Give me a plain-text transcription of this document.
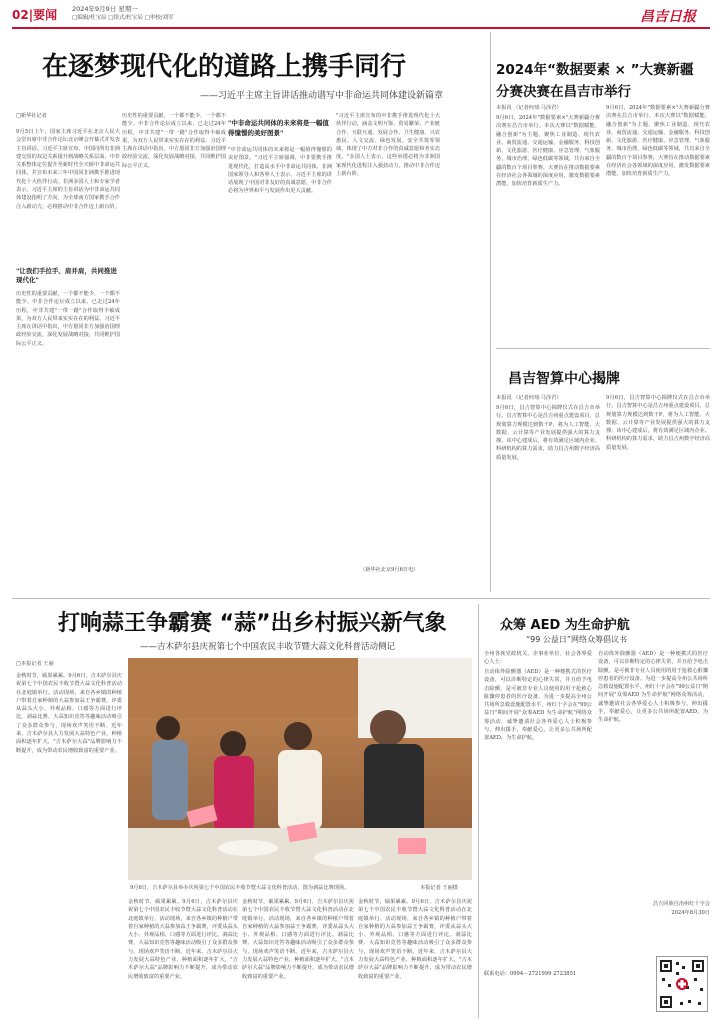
02|要闻 2024年9月9日 星期一
□编辑/杜宝辰 □组式/杜宝辰 □审校/刘军	昌吉日报
在逐梦现代化的道路上携手同行
——习近平主席主旨讲话推动谱写中非命运共同体建设新篇章
□新华社记者
9月5日上午，国家主席习近平在北京人民大会堂出席中非合作论坛北京峰会开幕式并发表主旨讲话。习近平主席宣布，中国同所有非洲建交国的双边关系提升到战略关系层面，中非关系整体定位提升至新时代全天候中非命运共同体，并宣布未来三年中国同非洲携手推进现代化十大伙伴行动。非洲多国人士和专家学者表示，习近平主席的主旨讲话为中非命运共同体建设指明了方向，为全球南方国家携手合作注入新动力，必将推动中非合作迈上新台阶。
"让我们手拉手、肩并肩，共同推进现代化"
历史性的重要贡献，一个都不能少，一个都不能少。中非合作论坛成立以来，已走过24年历程，中非共建"一带一路"合作取得丰硕成果，为双方人民带来实实在在的利益。习近平主席在讲话中指出，中方愿同非方加强治国理政经验交流，深化发展战略对接，共同维护国际公平正义。
历史性的重要贡献，一个都不能少，一个都不能少。中非合作论坛成立以来，已走过24年历程，中非共建"一带一路"合作取得丰硕成果，为双方人民带来实实在在的利益。习近平主席在讲话中指出，中方愿同非方加强治国理政经验交流，深化发展战略对接，共同维护国际公平正义。
"中非命运共同体的未来将是一幅值得憧憬的美好图景"
"中非命运共同体的未来将是一幅值得憧憬的美好图景。"习近平主席强调，中非要携手推进现代化，打造高水平中非命运共同体。非洲国家领导人和各界人士表示，习近平主席的讲话展现了中国对非友好的真诚意愿，中非合作必将为世界和平与发展作出更大贡献。
"习近平主席宣布的中非携手推进现代化十大伙伴行动，涵盖文明互鉴、贸易繁荣、产业链合作、互联互通、发展合作、卫生健康、兴农惠民、人文交流、绿色发展、安全共筑等领域，体现了中方对非合作的真诚意愿和务实态度。"多国人士表示，这些举措必将为非洲国家现代化进程注入强劲动力，推动中非合作迈上新台阶。
（新华社北京9月6日电）
2024年“数据要素 × ”大赛新疆
分赛决赛在昌吉市举行
本报讯 （记者何琦·马泽君）
9月6日，2024年"数据要素×"大赛新疆分赛决赛在昌吉市举行。本次大赛以"数据赋能、融合创新"为主题，聚焦工业制造、现代农业、商贸流通、交通运输、金融服务、科技创新、文化旅游、医疗健康、应急管理、气象服务、城市治理、绿色低碳等领域，共有来自全疆的数百个项目参赛。大赛旨在推动数据要素在经济社会各领域的深度应用，激发数据要素潜能，加快培育新质生产力。
9月6日，2024年"数据要素×"大赛新疆分赛决赛在昌吉市举行。本次大赛以"数据赋能、融合创新"为主题，聚焦工业制造、现代农业、商贸流通、交通运输、金融服务、科技创新、文化旅游、医疗健康、应急管理、气象服务、城市治理、绿色低碳等领域，共有来自全疆的数百个项目参赛。大赛旨在推动数据要素在经济社会各领域的深度应用，激发数据要素潜能，加快培育新质生产力。
昌吉智算中心揭牌
本报讯 （记者何琦·马泽君）
9月6日，昌吉智算中心揭牌仪式在昌吉市举行。昌吉智算中心是昌吉州重点建设项目，总规划算力规模达到数千P，将为人工智能、大数据、云计算等产业发展提供强大的算力支撑。该中心建成后，将有效满足区域内企业、科研机构的算力需求，助力昌吉州数字经济高质量发展。
9月6日，昌吉智算中心揭牌仪式在昌吉市举行。昌吉智算中心是昌吉州重点建设项目，总规划算力规模达到数千P，将为人工智能、大数据、云计算等产业发展提供强大的算力支撑。该中心建成后，将有效满足区域内企业、科研机构的算力需求，助力昌吉州数字经济高质量发展。
打响蒜王争霸赛 “蒜”出乡村振兴新气象
——吉木萨尔县庆祝第七个中国农民丰收节暨大蒜文化科普活动侧记
□本报记者 王丽
金秋时节，硕果累累。9月6日，吉木萨尔县庆祝第七个中国农民丰收节暨大蒜文化科普活动在北庭镇举行。活动现场，来自各乡镇的种植户带着自家种植的大蒜参加蒜王争霸赛，评委从蒜头大小、外观品相、口感等方面进行评比。剥蒜比赛、大蒜知识竞答等趣味活动吸引了众多群众参与，现场欢声笑语不断。近年来，吉木萨尔县大力发展大蒜特色产业，种植面积逐年扩大，"吉木萨尔大蒜"品牌影响力不断提升，成为带动农民增收致富的重要产业。
9月6日，吉木萨尔县举办庆祝第七个中国农民丰收节暨大蒜文化科普活动，图为剥蒜比赛现场。	本报记者 王丽摄
金秋时节，硕果累累。9月6日，吉木萨尔县庆祝第七个中国农民丰收节暨大蒜文化科普活动在北庭镇举行。活动现场，来自各乡镇的种植户带着自家种植的大蒜参加蒜王争霸赛，评委从蒜头大小、外观品相、口感等方面进行评比。剥蒜比赛、大蒜知识竞答等趣味活动吸引了众多群众参与，现场欢声笑语不断。近年来，吉木萨尔县大力发展大蒜特色产业，种植面积逐年扩大，"吉木萨尔大蒜"品牌影响力不断提升，成为带动农民增收致富的重要产业。
金秋时节，硕果累累。9月6日，吉木萨尔县庆祝第七个中国农民丰收节暨大蒜文化科普活动在北庭镇举行。活动现场，来自各乡镇的种植户带着自家种植的大蒜参加蒜王争霸赛，评委从蒜头大小、外观品相、口感等方面进行评比。剥蒜比赛、大蒜知识竞答等趣味活动吸引了众多群众参与，现场欢声笑语不断。近年来，吉木萨尔县大力发展大蒜特色产业，种植面积逐年扩大，"吉木萨尔大蒜"品牌影响力不断提升，成为带动农民增收致富的重要产业。
金秋时节，硕果累累。9月6日，吉木萨尔县庆祝第七个中国农民丰收节暨大蒜文化科普活动在北庭镇举行。活动现场，来自各乡镇的种植户带着自家种植的大蒜参加蒜王争霸赛，评委从蒜头大小、外观品相、口感等方面进行评比。剥蒜比赛、大蒜知识竞答等趣味活动吸引了众多群众参与，现场欢声笑语不断。近年来，吉木萨尔县大力发展大蒜特色产业，种植面积逐年扩大，"吉木萨尔大蒜"品牌影响力不断提升，成为带动农民增收致富的重要产业。
众筹 AED 为生命护航
“99 公益日”网络众筹倡议书
全州各族党政机关、企事业单位、社会各界爱心人士：
自动体外除颤器（AED）是一种便携式的医疗设备，可以诊断特定的心律失常，并且给予电击除颤，是可被非专业人员使用的用于抢救心脏骤停患者的医疗设备。为进一步提高全州公共场所急救设施配置水平，州红十字会在"99公益日"期间开展"众筹AED 为生命护航"网络众筹活动，诚挚邀请社会各界爱心人士积极参与，伸出援手，奉献爱心，让更多公共场所配置AED，为生命护航。
自动体外除颤器（AED）是一种便携式的医疗设备，可以诊断特定的心律失常，并且给予电击除颤，是可被非专业人员使用的用于抢救心脏骤停患者的医疗设备。为进一步提高全州公共场所急救设施配置水平，州红十字会在"99公益日"期间开展"众筹AED 为生命护航"网络众筹活动，诚挚邀请社会各界爱心人士积极参与，伸出援手，奉献爱心，让更多公共场所配置AED，为生命护航。
联系电话：0994－2721999 2723851
昌吉回族自治州红十字会
2024年8月30日
